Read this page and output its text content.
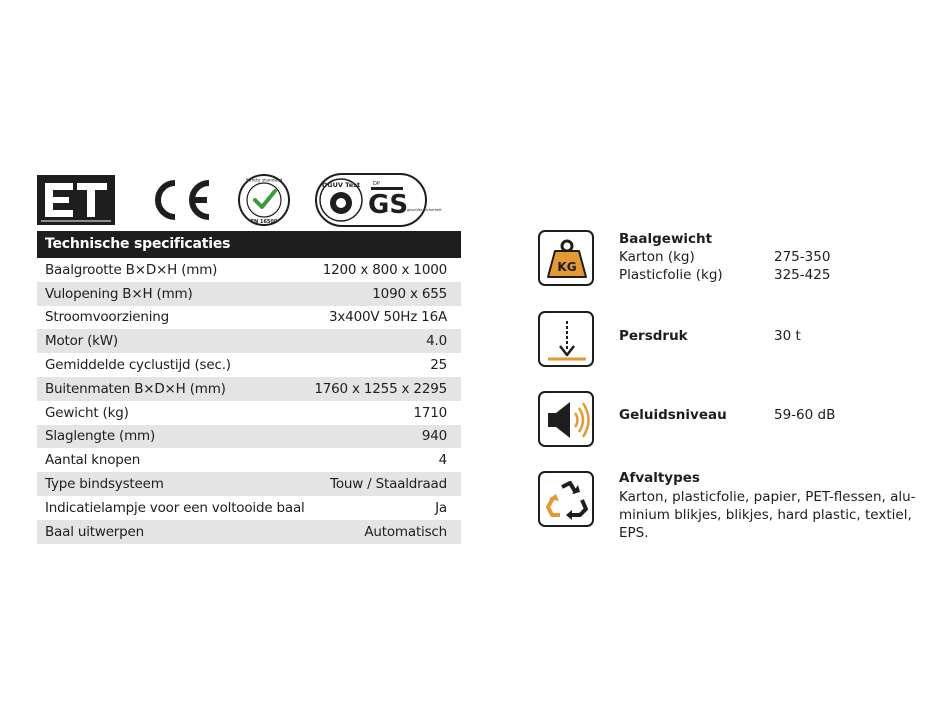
Safety standard
EN 16500
DGUV Test	DP
GS
geprüfte Sicherheit
Technische specificaties
Baalgrootte B×D×H (mm)	1200 x 800 x 1000
Vulopening B×H (mm)	1090 x 655
Stroomvoorziening	3x400V 50Hz 16A
Motor (kW)	4.0
Gemiddelde cyclustijd (sec.)	25
Buitenmaten B×D×H (mm)	1760 x 1255 x 2295
Gewicht (kg)	1710
Slaglengte (mm)	940
Aantal knopen	4
Type bindsysteem	Touw / Staaldraad
Indicatielampje voor een voltooide baal	Ja
Baal uitwerpen	Automatisch
KG
Baalgewicht
Karton (kg)	275-350
Plasticfolie (kg)	325-425
Persdruk	30 t
Geluidsniveau	59-60 dB
Afvaltypes
Karton, plasticfolie, papier, PET-flessen, alu-
minium blikjes, blikjes, hard plastic, textiel, EPS.
